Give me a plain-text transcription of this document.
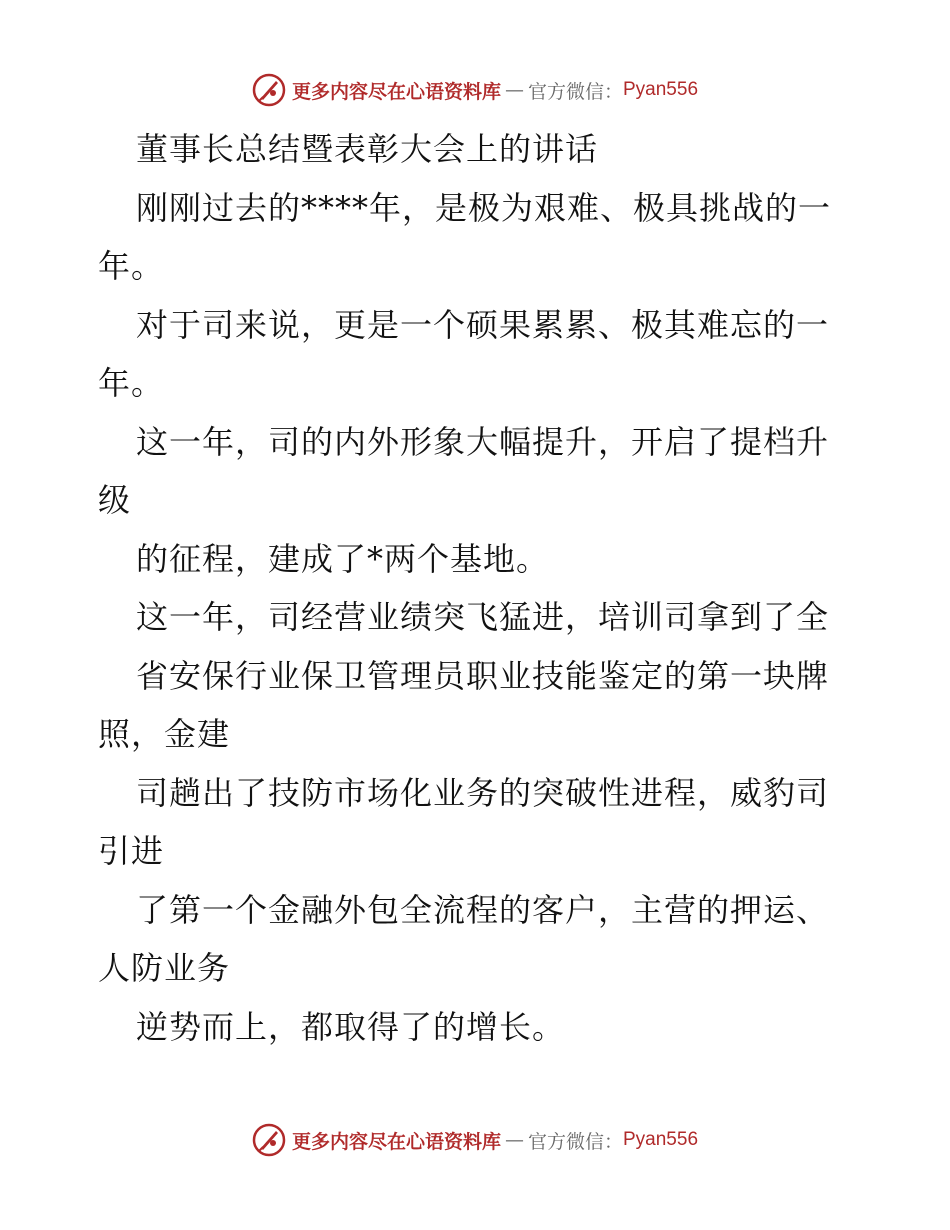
更多内容尽在心语资料库 — 官方微信： Pyan556

董事长总结暨表彰大会上的讲话

刚刚过去的****年，是极为艰难、极具挑战的一

年。

对于司来说，更是一个硕果累累、极其难忘的一

年。

这一年，司的内外形象大幅提升，开启了提档升

级

的征程，建成了*两个基地。

这一年，司经营业绩突飞猛进，培训司拿到了全

省安保行业保卫管理员职业技能鉴定的第一块牌

照，金建

司趟出了技防市场化业务的突破性进程，威豹司

引进

了第一个金融外包全流程的客户，主营的押运、

人防业务

逆势而上，都取得了的增长。

更多内容尽在心语资料库 — 官方微信： Pyan556
